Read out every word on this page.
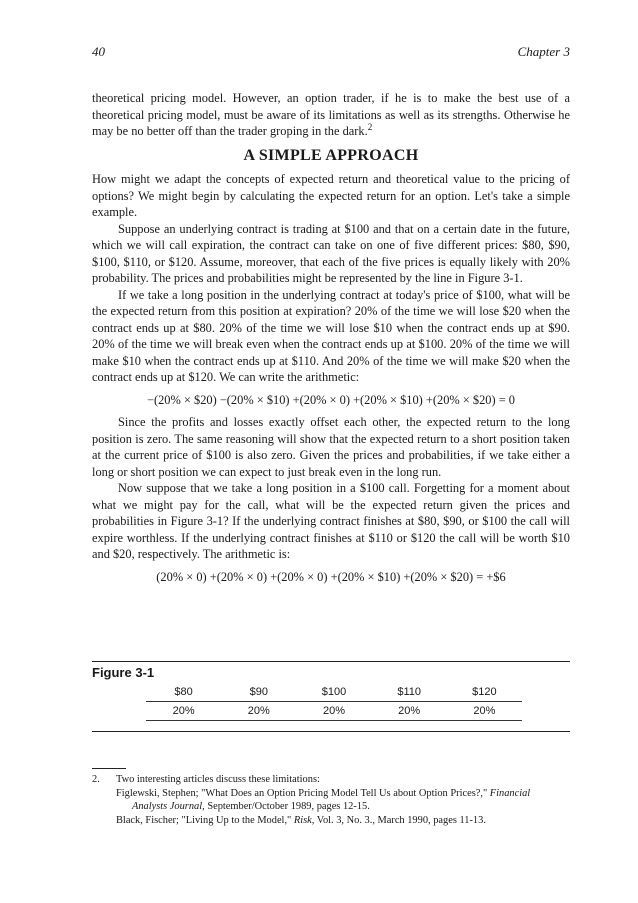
40	Chapter 3

theoretical pricing model. However, an option trader, if he is to make the best use of a theoretical pricing model, must be aware of its limitations as well as its strengths. Otherwise he may be no better off than the trader groping in the dark.$^2$

A SIMPLE APPROACH

How might we adapt the concepts of expected return and theoretical value to the pricing of options? We might begin by calculating the expected return for an option. Let's take a simple example.

Suppose an underlying contract is trading at $100 and that on a certain date in the future, which we will call expiration, the contract can take on one of five different prices: $80, $90, $100, $110, or $120. Assume, moreover, that each of the five prices is equally likely with 20% probability. The prices and probabilities might be represented by the line in Figure 3-1.

If we take a long position in the underlying contract at today's price of $100, what will be the expected return from this position at expiration? 20% of the time we will lose $20 when the contract ends up at $80. 20% of the time we will lose $10 when the contract ends up at $90. 20% of the time we will break even when the contract ends up at $100. 20% of the time we will make $10 when the contract ends up at $110. And 20% of the time we will make $20 when the contract ends up at $120. We can write the arithmetic:

−(20% × $20) −(20% × $10) +(20% × 0) +(20% × $10) +(20% × $20) = 0

Since the profits and losses exactly offset each other, the expected return to the long position is zero. The same reasoning will show that the expected return to a short position taken at the current price of $100 is also zero. Given the prices and probabilities, if we take either a long or short position we can expect to just break even in the long run.

Now suppose that we take a long position in a $100 call. Forgetting for a moment about what we might pay for the call, what will be the expected return given the prices and probabilities in Figure 3-1? If the underlying contract finishes at $80, $90, or $100 the call will expire worthless. If the underlying contract finishes at $110 or $120 the call will be worth $10 and $20, respectively. The arithmetic is:

(20% × 0) +(20% × 0) +(20% × 0) +(20% × $10) +(20% × $20) = +$6
Figure 3-1
$80	$90	$100	$110	$120
20%	20%	20%	20%	20%

2. Two interesting articles discuss these limitations:

Figlewski, Stephen; "What Does an Option Pricing Model Tell Us about Option Prices?," Financial

Analysts Journal, September/October 1989, pages 12-15.

Black, Fischer; "Living Up to the Model," Risk, Vol. 3, No. 3., March 1990, pages 11-13.
